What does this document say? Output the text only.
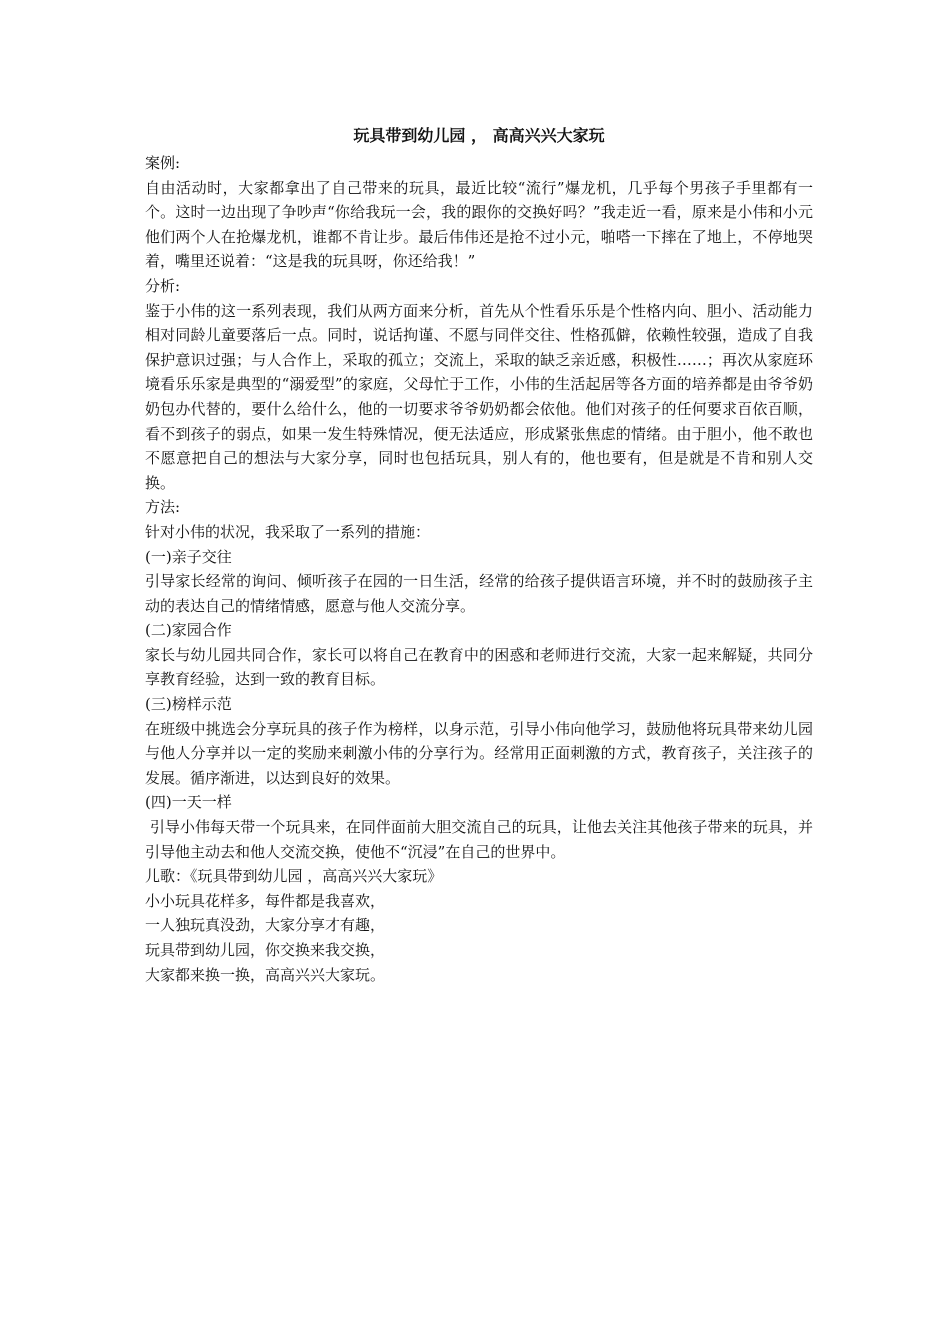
玩具带到幼儿园 ， 高高兴兴大家玩

案例:

自由活动时，大家都拿出了自己带来的玩具，最近比较“流行”爆龙机，几乎每个男孩子手里都有一个。这时一边出现了争吵声“你给我玩一会，我的跟你的交换好吗？”我走近一看，原来是小伟和小元他们两个人在抢爆龙机，谁都不肯让步。最后伟伟还是抢不过小元，啪嗒一下摔在了地上，不停地哭着，嘴里还说着：“这是我的玩具呀，你还给我！”

分析:

鉴于小伟的这一系列表现，我们从两方面来分析，首先从个性看乐乐是个性格内向、胆小、活动能力相对同龄儿童要落后一点。同时，说话拘谨、不愿与同伴交往、性格孤僻，依赖性较强，造成了自我保护意识过强；与人合作上，采取的孤立；交流上，采取的缺乏亲近感，积极性……；再次从家庭环境看乐乐家是典型的“溺爱型”的家庭，父母忙于工作，小伟的生活起居等各方面的培养都是由爷爷奶奶包办代替的，要什么给什么，他的一切要求爷爷奶奶都会依他。他们对孩子的任何要求百依百顺，看不到孩子的弱点，如果一发生特殊情况，便无法适应，形成紧张焦虑的情绪。由于胆小，他不敢也不愿意把自己的想法与大家分享，同时也包括玩具，别人有的，他也要有，但是就是不肯和别人交换。

方法:

针对小伟的状况，我采取了一系列的措施：

(一)亲子交往

引导家长经常的询问、倾听孩子在园的一日生活，经常的给孩子提供语言环境，并不时的鼓励孩子主动的表达自己的情绪情感，愿意与他人交流分享。

(二)家园合作

家长与幼儿园共同合作，家长可以将自己在教育中的困惑和老师进行交流，大家一起来解疑，共同分享教育经验，达到一致的教育目标。

(三)榜样示范

在班级中挑选会分享玩具的孩子作为榜样，以身示范，引导小伟向他学习，鼓励他将玩具带来幼儿园与他人分享并以一定的奖励来刺激小伟的分享行为。经常用正面刺激的方式，教育孩子，关注孩子的发展。循序渐进，以达到良好的效果。

(四)一天一样

引导小伟每天带一个玩具来，在同伴面前大胆交流自己的玩具，让他去关注其他孩子带来的玩具，并引导他主动去和他人交流交换，使他不“沉浸”在自己的世界中。

儿歌：《玩具带到幼儿园 ，高高兴兴大家玩》

小小玩具花样多，每件都是我喜欢，

一人独玩真没劲，大家分享才有趣，

玩具带到幼儿园，你交换来我交换，

大家都来换一换，高高兴兴大家玩。
